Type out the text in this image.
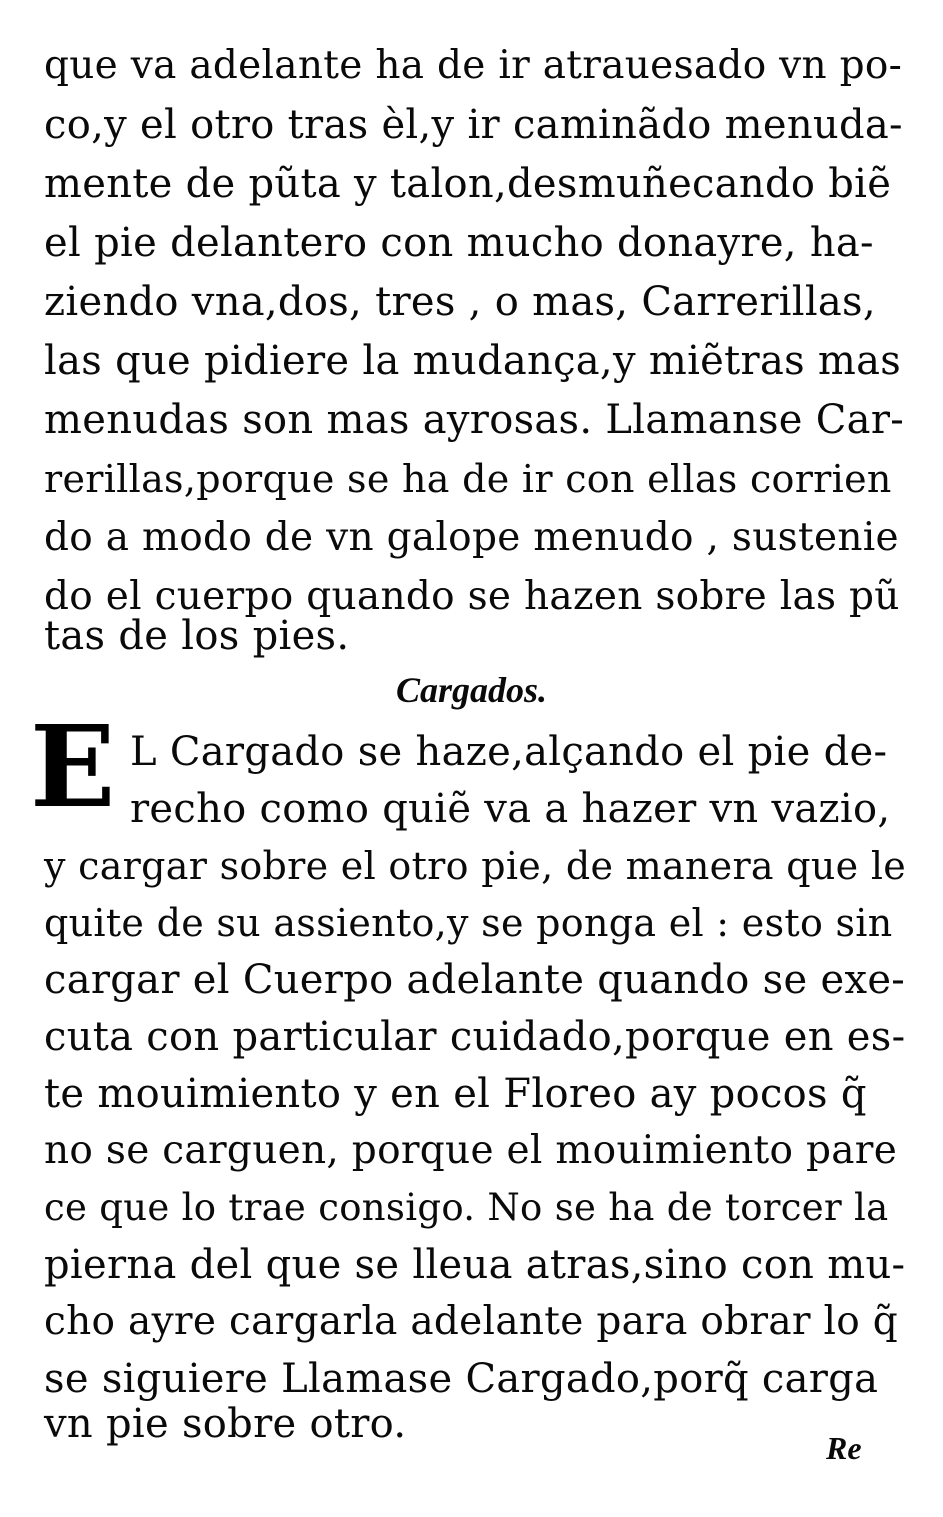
que va adelante ha de ir atrauesado vn po-
co,y el otro tras èl,y ir caminãdo menuda-
mente de pũta y talon,desmuñecando biẽ
el pie delantero con mucho donayre, ha-
ziendo vna,dos, tres , o mas, Carrerillas,
las que pidiere la mudança,y miẽtras mas
menudas son mas ayrosas. Llamanse Car-
rerillas,porque se ha de ir con ellas corrien
do a modo de vn galope menudo , sustenie
do el cuerpo quando se hazen sobre las pũ
tas de los pies.
Cargados.
E L Cargado se haze,alçando el pie de-
recho como quiẽ va a hazer vn vazio,
y cargar sobre el otro pie, de manera que le
quite de su assiento,y se ponga el : esto sin
cargar el Cuerpo adelante quando se exe-
cuta con particular cuidado,porque en es-
te mouimiento y en el Floreo ay pocos q̃
no se carguen, porque el mouimiento pare
ce que lo trae consigo. No se ha de torcer la
pierna del que se lleua atras,sino con mu-
cho ayre cargarla adelante para obrar lo q̃
se siguiere Llamase Cargado,porq̃ carga
vn pie sobre otro.
Re
